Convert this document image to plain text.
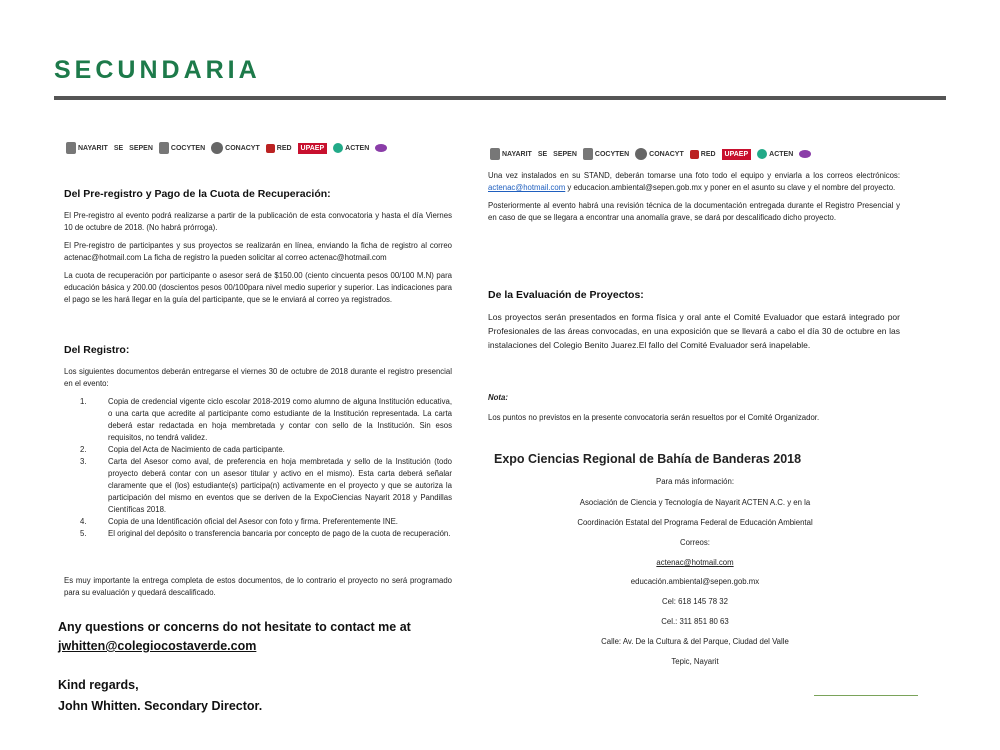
SECUNDARIA
NAYARIT SE SEPEN	COCYTEN	CONACYT RED UPAEP	ACTEN
NAYARIT SE SEPEN	COCYTEN	CONACYT RED UPAEP	ACTEN
Del Pre-registro y Pago de la Cuota de Recuperación:

El Pre-registro al evento podrá realizarse a partir de la publicación de esta convocatoria y hasta el día Viernes 10 de octubre de 2018. (No habrá prórroga).

El Pre-registro de participantes y sus proyectos se realizarán en línea, enviando la ficha de registro al correo actenac@hotmail.com La ficha de registro la pueden solicitar al correo actenac@hotmail.com

La cuota de recuperación por participante o asesor será de $150.00 (ciento cincuenta pesos 00/100 M.N) para educación básica y 200.00 (doscientos pesos 00/100para nivel medio superior y superior. Las indicaciones para el pago se les hará llegar en la guía del participante, que se le enviará al correo ya registrados.

Del Registro:

Los siguientes documentos deberán entregarse el viernes 30 de octubre de 2018 durante el registro presencial en el evento:

1.	Copia de credencial vigente ciclo escolar 2018-2019 como alumno de alguna Institución educativa, o una carta que acredite al participante como estudiante de la Institución representada. La carta deberá estar redactada en hoja membretada y contar con sello de la Institución. Sin esos requisitos, no tendrá validez.
2.	Copia del Acta de Nacimiento de cada participante.
3.	Carta del Asesor como aval, de preferencia en hoja membretada y sello de la Institución (todo proyecto deberá contar con un asesor titular y activo en el mismo). Esta carta deberá señalar claramente que el (los) estudiante(s) participa(n) activamente en el proyecto y que se autoriza la participación del mismo en eventos que se deriven de la ExpoCiencias Nayarit 2018 y Pandillas Científicas 2018.
4.	Copia de una Identificación oficial del Asesor con foto y firma. Preferentemente INE.
5.	El original del depósito o transferencia bancaria por concepto de pago de la cuota de recuperación.

Es muy importante la entrega completa de estos documentos, de lo contrario el proyecto no será programado para su evaluación y quedará descalificado.

Una vez instalados en su STAND, deberán tomarse una foto todo el equipo y enviarla a los correos electrónicos: actenac@hotmail.com y educacion.ambiental@sepen.gob.mx y poner en el asunto su clave y el nombre del proyecto.

Posteriormente al evento habrá una revisión técnica de la documentación entregada durante el Registro Presencial y en caso de que se llegara a encontrar una anomalía grave, se dará por descalificado dicho proyecto.

De la Evaluación de Proyectos:

Los proyectos serán presentados en forma física y oral ante el Comité Evaluador que estará integrado por Profesionales de las áreas convocadas, en una exposición que se llevará a cabo el día 30 de octubre en las instalaciones del Colegio Benito Juarez.El fallo del Comité Evaluador será inapelable.

Nota:

Los puntos no previstos en la presente convocatoria serán resueltos por el Comité Organizador.

Expo Ciencias Regional de Bahía de Banderas 2018
Para más información:
Asociación de Ciencia y Tecnología de Nayarit ACTEN A.C. y en la
Coordinación Estatal del Programa Federal de Educación Ambiental
Correos:
actenac@hotmail.com
educación.ambiental@sepen.gob.mx
Cel: 618 145 78 32
Cel.: 311 851 80 63
Calle: Av. De la Cultura & del Parque, Ciudad del Valle
Tepic, Nayarit
Any questions or concerns do not hesitate to contact me at
jwhitten@colegiocostaverde.com
Kind regards,
John Whitten. Secondary Director.
